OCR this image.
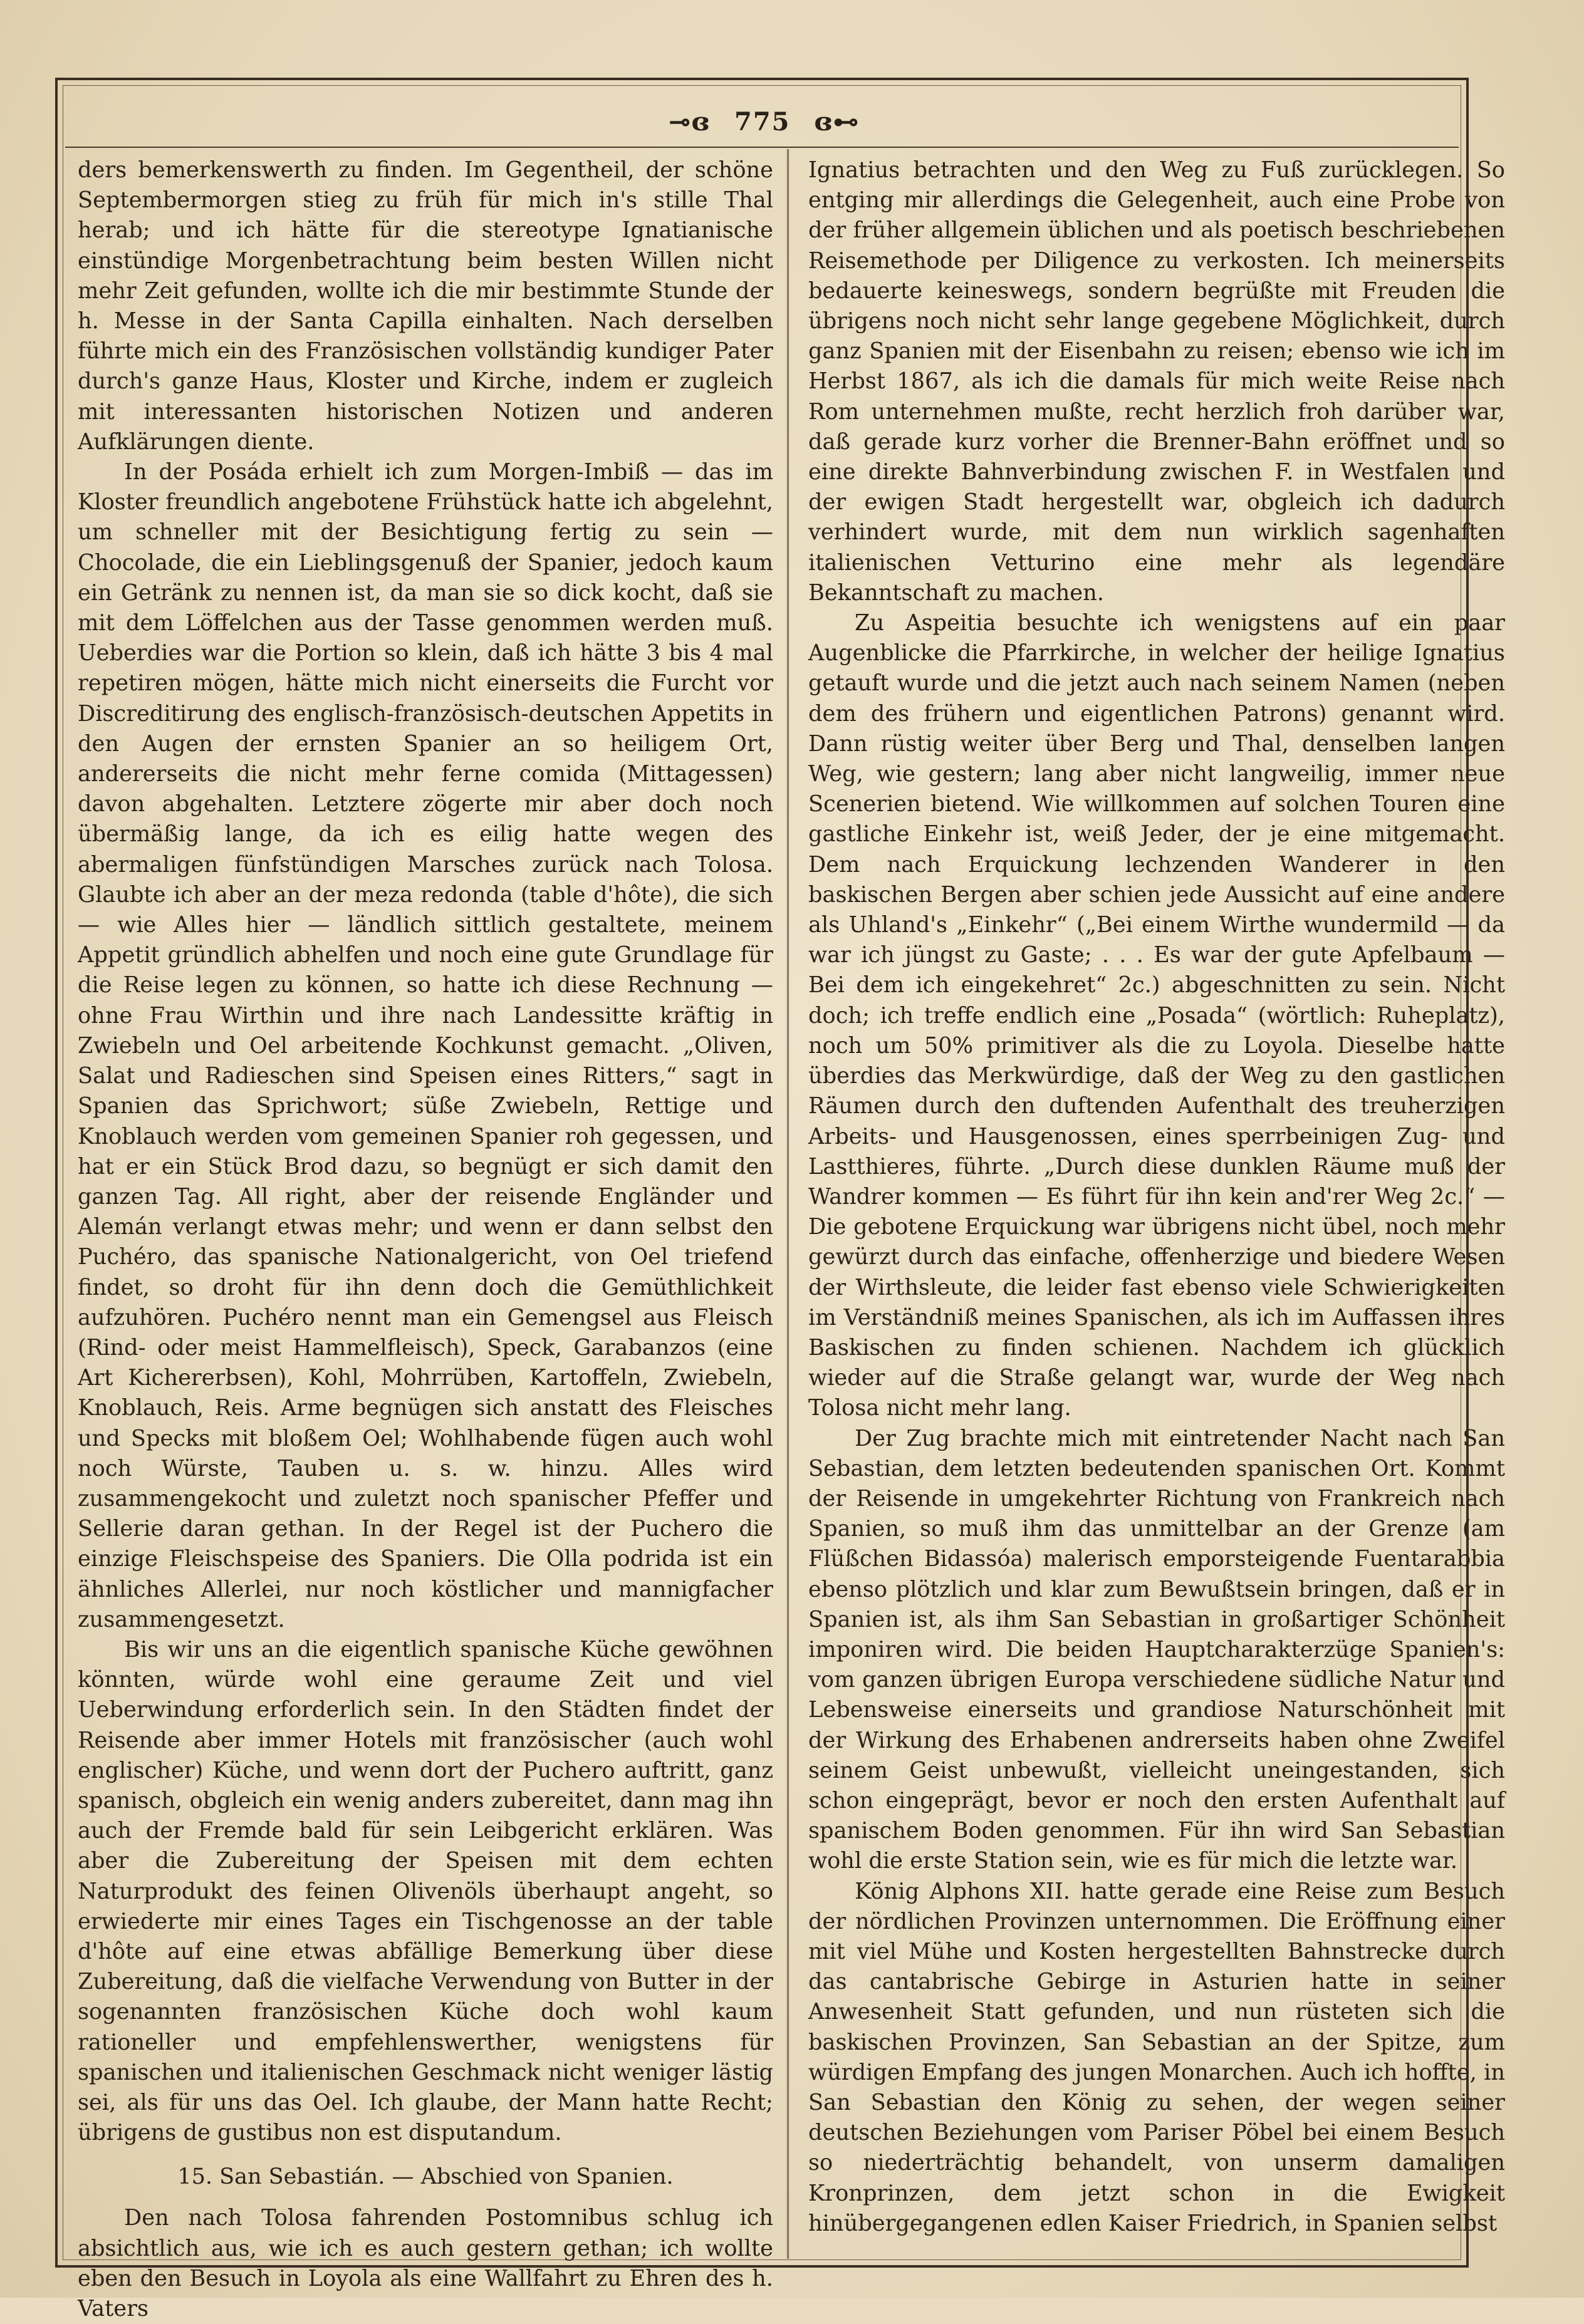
⊸ɞ 775 ɞ⊷

ders bemerkenswerth zu finden. Im Gegentheil, der schöne Septembermorgen stieg zu früh für mich in's stille Thal herab; und ich hätte für die stereotype Ignatianische einstündige Morgenbetrachtung beim besten Willen nicht mehr Zeit gefunden, wollte ich die mir bestimmte Stunde der h. Messe in der Santa Capilla einhalten. Nach derselben führte mich ein des Französischen vollständig kundiger Pater durch's ganze Haus, Kloster und Kirche, indem er zugleich mit interessanten historischen Notizen und anderen Aufklärungen diente.

In der Posáda erhielt ich zum Morgen-Imbiß — das im Kloster freundlich angebotene Frühstück hatte ich abgelehnt, um schneller mit der Besichtigung fertig zu sein — Chocolade, die ein Lieblingsgenuß der Spanier, jedoch kaum ein Getränk zu nennen ist, da man sie so dick kocht, daß sie mit dem Löffelchen aus der Tasse genommen werden muß. Ueberdies war die Portion so klein, daß ich hätte 3 bis 4 mal repetiren mögen, hätte mich nicht einerseits die Furcht vor Discreditirung des englisch-französisch-deutschen Appetits in den Augen der ernsten Spanier an so heiligem Ort, andererseits die nicht mehr ferne comida (Mittagessen) davon abgehalten. Letztere zögerte mir aber doch noch übermäßig lange, da ich es eilig hatte wegen des abermaligen fünfstündigen Marsches zurück nach Tolosa. Glaubte ich aber an der meza redonda (table d'hôte), die sich — wie Alles hier — ländlich sittlich gestaltete, meinem Appetit gründlich abhelfen und noch eine gute Grundlage für die Reise legen zu können, so hatte ich diese Rechnung — ohne Frau Wirthin und ihre nach Landessitte kräftig in Zwiebeln und Oel arbeitende Kochkunst gemacht. „Oliven, Salat und Radieschen sind Speisen eines Ritters,“ sagt in Spanien das Sprichwort; süße Zwiebeln, Rettige und Knoblauch werden vom gemeinen Spanier roh gegessen, und hat er ein Stück Brod dazu, so begnügt er sich damit den ganzen Tag. All right, aber der reisende Engländer und Alemán verlangt etwas mehr; und wenn er dann selbst den Puchéro, das spanische Nationalgericht, von Oel triefend findet, so droht für ihn denn doch die Gemüthlichkeit aufzuhören. Puchéro nennt man ein Gemengsel aus Fleisch (Rind- oder meist Hammelfleisch), Speck, Garabanzos (eine Art Kichererbsen), Kohl, Mohrrüben, Kartoffeln, Zwiebeln, Knoblauch, Reis. Arme begnügen sich anstatt des Fleisches und Specks mit bloßem Oel; Wohlhabende fügen auch wohl noch Würste, Tauben u. s. w. hinzu. Alles wird zusammengekocht und zuletzt noch spanischer Pfeffer und Sellerie daran gethan. In der Regel ist der Puchero die einzige Fleischspeise des Spaniers. Die Olla podrida ist ein ähnliches Allerlei, nur noch köstlicher und mannigfacher zusammengesetzt.

Bis wir uns an die eigentlich spanische Küche gewöhnen könnten, würde wohl eine geraume Zeit und viel Ueberwindung erforderlich sein. In den Städten findet der Reisende aber immer Hotels mit französischer (auch wohl englischer) Küche, und wenn dort der Puchero auftritt, ganz spanisch, obgleich ein wenig anders zubereitet, dann mag ihn auch der Fremde bald für sein Leibgericht erklären. Was aber die Zubereitung der Speisen mit dem echten Naturprodukt des feinen Olivenöls überhaupt angeht, so erwiederte mir eines Tages ein Tischgenosse an der table d'hôte auf eine etwas abfällige Bemerkung über diese Zubereitung, daß die vielfache Verwendung von Butter in der sogenannten französischen Küche doch wohl kaum rationeller und empfehlenswerther, wenigstens für spanischen und italienischen Geschmack nicht weniger lästig sei, als für uns das Oel. Ich glaube, der Mann hatte Recht; übrigens de gustibus non est disputandum.

15. San Sebastián. — Abschied von Spanien.

Den nach Tolosa fahrenden Postomnibus schlug ich absichtlich aus, wie ich es auch gestern gethan; ich wollte eben den Besuch in Loyola als eine Wallfahrt zu Ehren des h. Vaters

Ignatius betrachten und den Weg zu Fuß zurücklegen. So entging mir allerdings die Gelegenheit, auch eine Probe von der früher allgemein üblichen und als poetisch beschriebenen Reisemethode per Diligence zu verkosten. Ich meinerseits bedauerte keineswegs, sondern begrüßte mit Freuden die übrigens noch nicht sehr lange gegebene Möglichkeit, durch ganz Spanien mit der Eisenbahn zu reisen; ebenso wie ich im Herbst 1867, als ich die damals für mich weite Reise nach Rom unternehmen mußte, recht herzlich froh darüber war, daß gerade kurz vorher die Brenner-Bahn eröffnet und so eine direkte Bahnverbindung zwischen F. in Westfalen und der ewigen Stadt hergestellt war, obgleich ich dadurch verhindert wurde, mit dem nun wirklich sagenhaften italienischen Vetturino eine mehr als legendäre Bekanntschaft zu machen.

Zu Aspeitia besuchte ich wenigstens auf ein paar Augenblicke die Pfarrkirche, in welcher der heilige Ignatius getauft wurde und die jetzt auch nach seinem Namen (neben dem des frühern und eigentlichen Patrons) genannt wird. Dann rüstig weiter über Berg und Thal, denselben langen Weg, wie gestern; lang aber nicht langweilig, immer neue Scenerien bietend. Wie willkommen auf solchen Touren eine gastliche Einkehr ist, weiß Jeder, der je eine mitgemacht. Dem nach Erquickung lechzenden Wanderer in den baskischen Bergen aber schien jede Aussicht auf eine andere als Uhland's „Einkehr“ („Bei einem Wirthe wundermild — da war ich jüngst zu Gaste; . . . Es war der gute Apfelbaum — Bei dem ich eingekehret“ 2c.) abgeschnitten zu sein. Nicht doch; ich treffe endlich eine „Posada“ (wörtlich: Ruheplatz), noch um 50% primitiver als die zu Loyola. Dieselbe hatte überdies das Merkwürdige, daß der Weg zu den gastlichen Räumen durch den duftenden Aufenthalt des treuherzigen Arbeits- und Hausgenossen, eines sperrbeinigen Zug- und Lastthieres, führte. „Durch diese dunklen Räume muß der Wandrer kommen — Es führt für ihn kein and'rer Weg 2c.“ — Die gebotene Erquickung war übrigens nicht übel, noch mehr gewürzt durch das einfache, offenherzige und biedere Wesen der Wirthsleute, die leider fast ebenso viele Schwierigkeiten im Verständniß meines Spanischen, als ich im Auffassen ihres Baskischen zu finden schienen. Nachdem ich glücklich wieder auf die Straße gelangt war, wurde der Weg nach Tolosa nicht mehr lang.

Der Zug brachte mich mit eintretender Nacht nach San Sebastian, dem letzten bedeutenden spanischen Ort. Kommt der Reisende in umgekehrter Richtung von Frankreich nach Spanien, so muß ihm das unmittelbar an der Grenze (am Flüßchen Bidassóa) malerisch emporsteigende Fuentarabbia ebenso plötzlich und klar zum Bewußtsein bringen, daß er in Spanien ist, als ihm San Sebastian in großartiger Schönheit imponiren wird. Die beiden Hauptcharakterzüge Spanien's: vom ganzen übrigen Europa verschiedene südliche Natur und Lebensweise einerseits und grandiose Naturschönheit mit der Wirkung des Erhabenen andrerseits haben ohne Zweifel seinem Geist unbewußt, vielleicht uneingestanden, sich schon eingeprägt, bevor er noch den ersten Aufenthalt auf spanischem Boden genommen. Für ihn wird San Sebastian wohl die erste Station sein, wie es für mich die letzte war.

König Alphons XII. hatte gerade eine Reise zum Besuch der nördlichen Provinzen unternommen. Die Eröffnung einer mit viel Mühe und Kosten hergestellten Bahnstrecke durch das cantabrische Gebirge in Asturien hatte in seiner Anwesenheit Statt gefunden, und nun rüsteten sich die baskischen Provinzen, San Sebastian an der Spitze, zum würdigen Empfang des jungen Monarchen. Auch ich hoffte, in San Sebastian den König zu sehen, der wegen seiner deutschen Beziehungen vom Pariser Pöbel bei einem Besuch so niederträchtig behandelt, von unserm damaligen Kronprinzen, dem jetzt schon in die Ewigkeit hinübergegangenen edlen Kaiser Friedrich, in Spanien selbst
